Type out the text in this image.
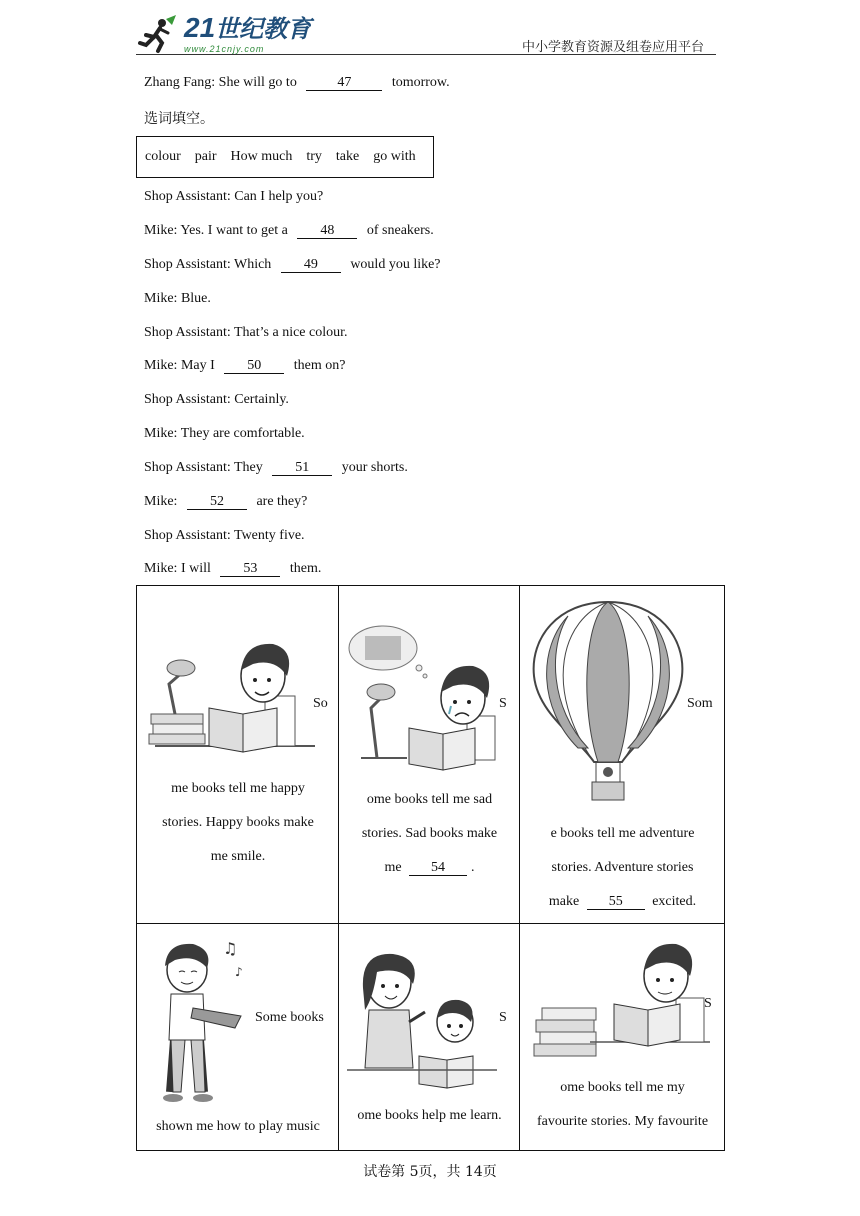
21世纪教育
www.21cnjy.com	中小学教育资源及组卷应用平台
Zhang Fang: She will go to	47	tomorrow.
选词填空。
colour pair How much try take go with
Shop Assistant: Can I help you?
Mike: Yes. I want to get a 48 of sneakers.
Shop Assistant: Which 49 would you like?
Mike: Blue.
Shop Assistant: That’s a nice colour.
Mike: May I 50 them on?
Shop Assistant: Certainly.
Mike: They are comfortable.
Shop Assistant: They 51 your shorts.
Mike: 52 are they?
Shop Assistant: Twenty five.
Mike: I will 53 them.
So
me books tell me happy
stories. Happy books make
me smile.
S
ome books tell me sad
stories. Sad books make
me 54 .
Som
e books tell me adventure
stories. Adventure stories
make 55 excited.
♫
♪
Some books
shown me how to play music
S
ome books help me learn.
S
ome books tell me my
favourite stories. My favourite
试卷第 5页，共 14页
